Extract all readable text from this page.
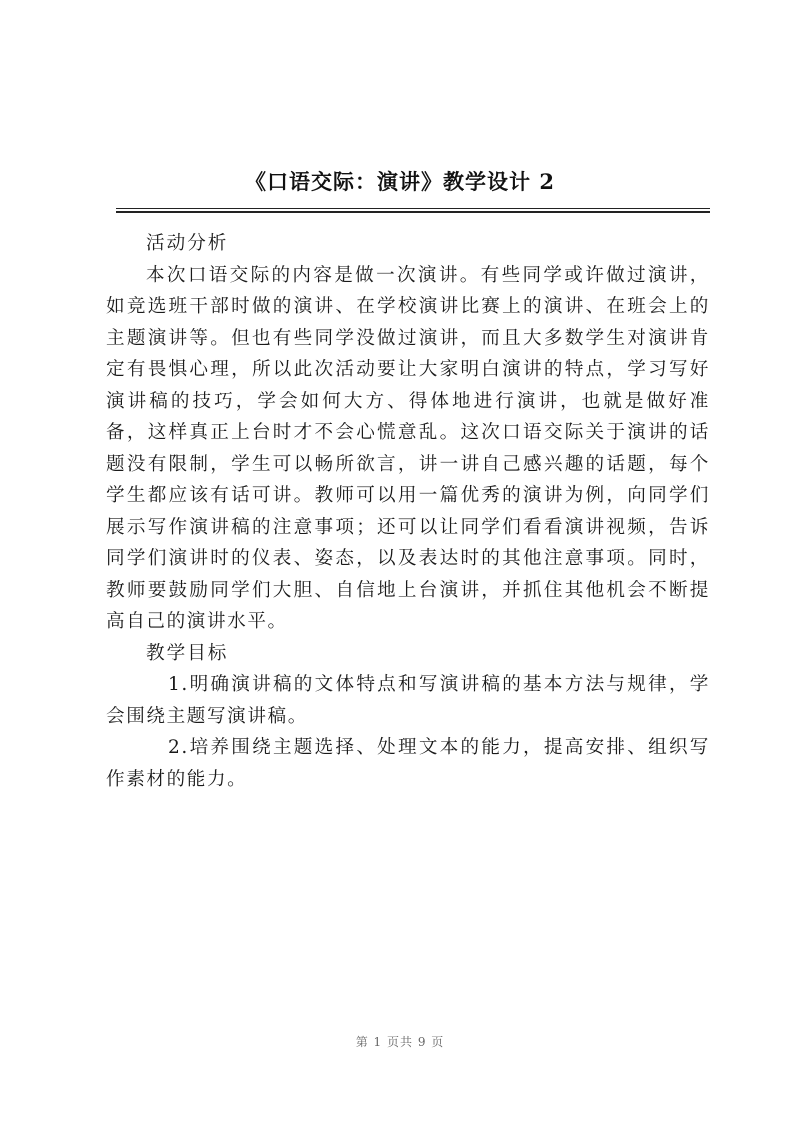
《口语交际：演讲》教学设计 2

活动分析

本次口语交际的内容是做一次演讲。有些同学或许做过演讲，如竞选班干部时做的演讲、在学校演讲比赛上的演讲、在班会上的主题演讲等。但也有些同学没做过演讲，而且大多数学生对演讲肯定有畏惧心理，所以此次活动要让大家明白演讲的特点，学习写好演讲稿的技巧，学会如何大方、得体地进行演讲，也就是做好准备，这样真正上台时才不会心慌意乱。这次口语交际关于演讲的话题没有限制，学生可以畅所欲言，讲一讲自己感兴趣的话题，每个学生都应该有话可讲。教师可以用一篇优秀的演讲为例，向同学们展示写作演讲稿的注意事项；还可以让同学们看看演讲视频，告诉同学们演讲时的仪表、姿态，以及表达时的其他注意事项。同时，教师要鼓励同学们大胆、自信地上台演讲，并抓住其他机会不断提高自己的演讲水平。

教学目标

1.明确演讲稿的文体特点和写演讲稿的基本方法与规律，学会围绕主题写演讲稿。

2.培养围绕主题选择、处理文本的能力，提高安排、组织写作素材的能力。

第 1 页共 9 页
